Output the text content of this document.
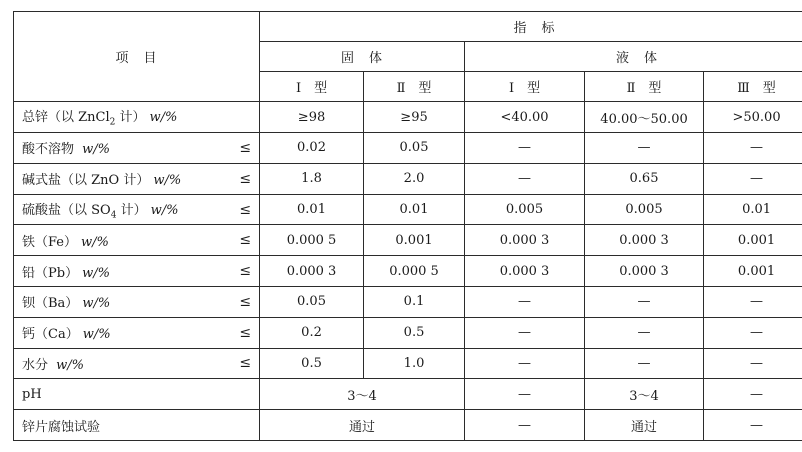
项　目		指　标				
		固　体		液　体		
		Ⅰ　型	Ⅱ　型	Ⅰ　型	Ⅱ　型	Ⅲ　型
总锌（以 ZnCl$_2$ 计） w/%		≥98	≥95	<40.00	40.00～50.00	>50.00
酸不溶物 w/%	≤	0.02	0.05	—	—	—
碱式盐（以 ZnO 计） w/%	≤	1.8	2.0	—	0.65	—
硫酸盐（以 $SO_4$ 计） w/%	≤	0.01	0.01	0.005	0.005	0.01
铁（Fe） w/%	≤	0.000 5	0.001	0.000 3	0.000 3	0.001
铅（Pb） w/%	≤	0.000 3	0.000 5	0.000 3	0.000 3	0.001
钡（Ba） w/%	≤	0.05	0.1	—	—	—
钙（Ca） w/%	≤	0.2	0.5	—	—	—
水分 w/%	≤	0.5	1.0	—	—	—
pH		3～4		—	3～4	—
锌片腐蚀试验		通过		—	通过	—
